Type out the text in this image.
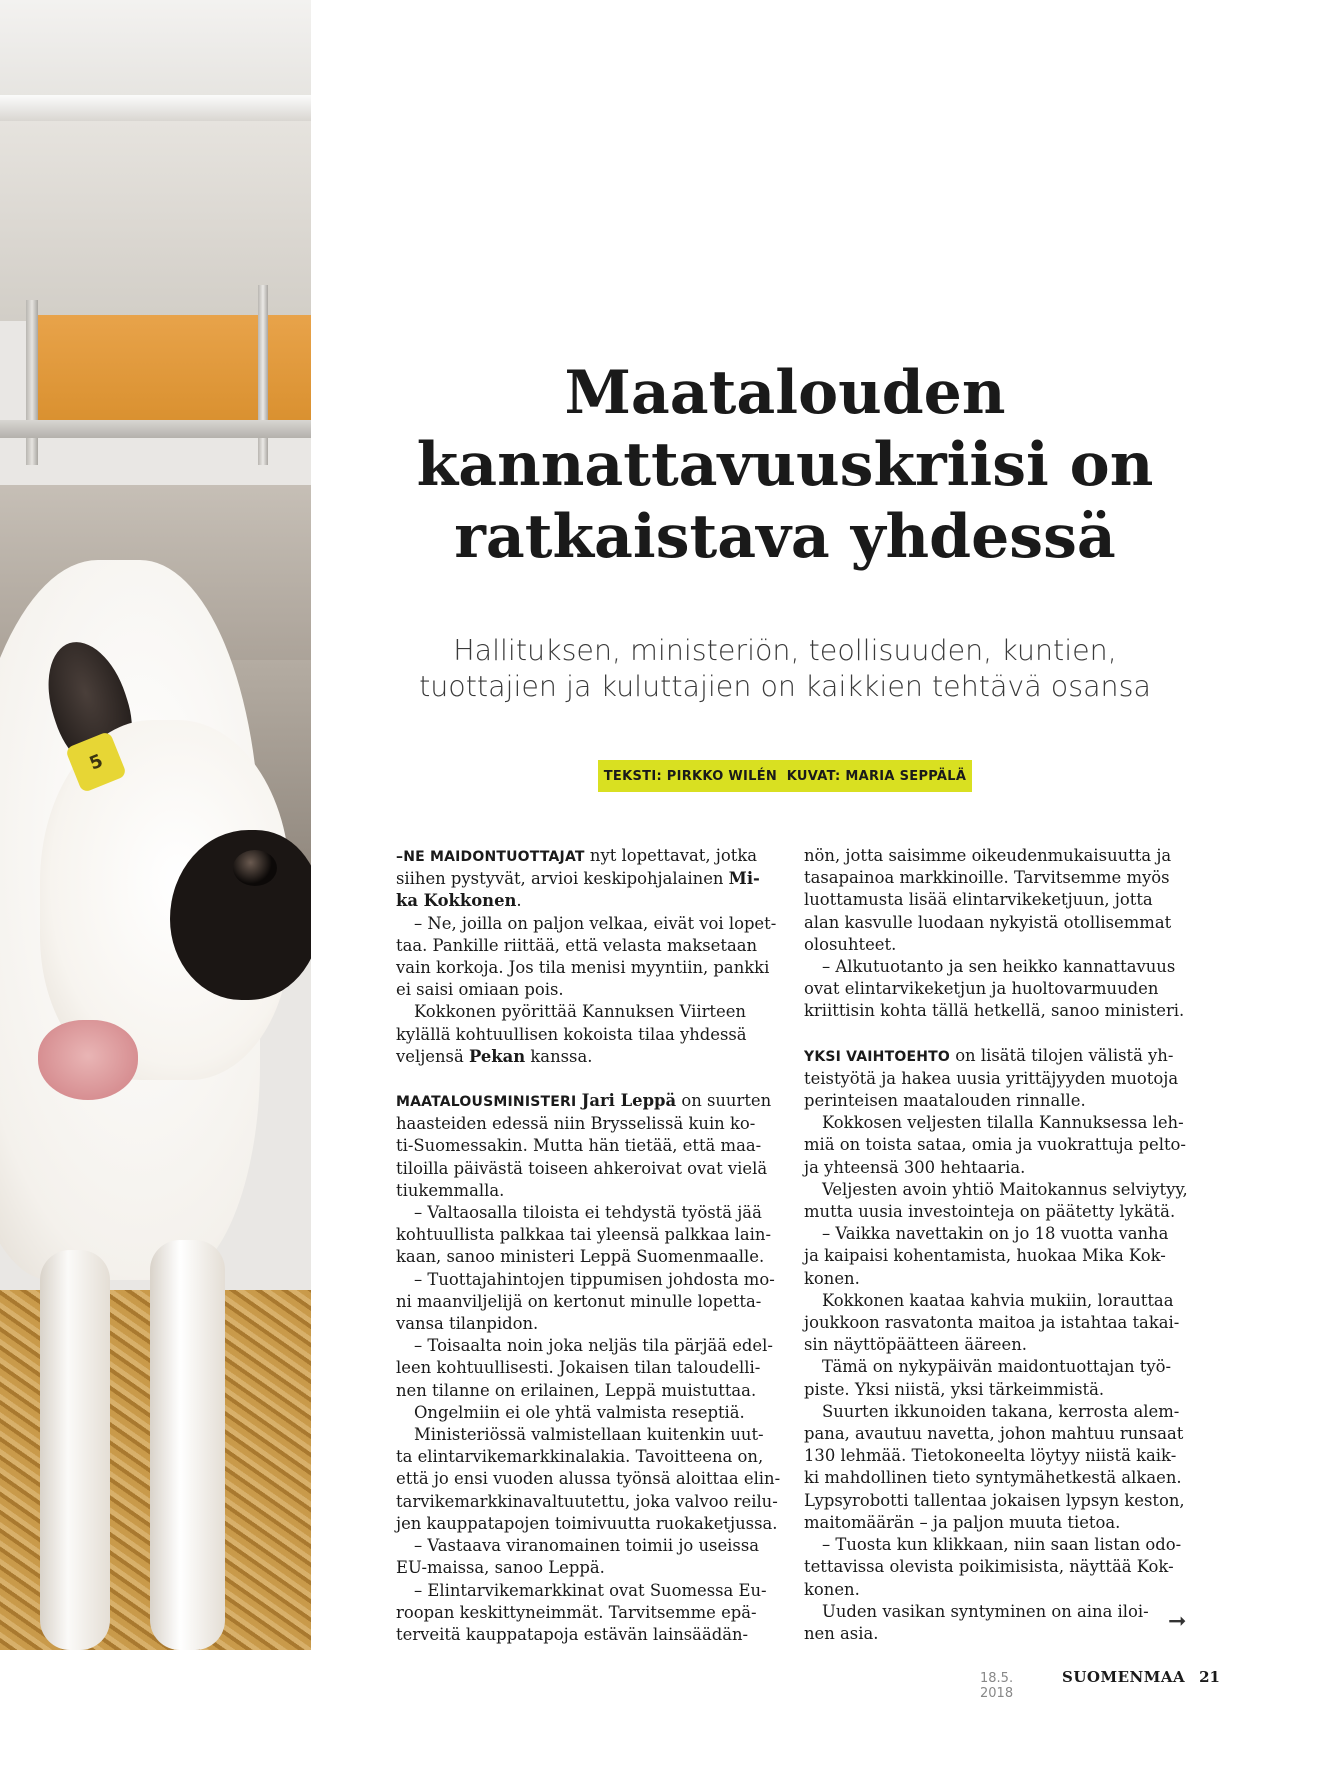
5
Maatalouden kannattavuuskriisi on ratkaistava yhdessä

Hallituksen, ministeriön, teollisuuden, kuntien, tuottajien ja kuluttajien on kaikkien tehtävä osansa

TEKSTI: PIRKKO WILÉN  KUVAT: MARIA SEPPÄLÄ

–NE MAIDONTUOTTAJAT nyt lopettavat, jotka

siihen pystyvät, arvioi keskipohjalainen Mi-

ka Kokkonen.

– Ne, joilla on paljon velkaa, eivät voi lopet-

taa. Pankille riittää, että velasta maksetaan

vain korkoja. Jos tila menisi myyntiin, pankki

ei saisi omiaan pois.

Kokkonen pyörittää Kannuksen Viirteen

kylällä kohtuullisen kokoista tilaa yhdessä

veljensä Pekan kanssa.

MAATALOUSMINISTERI Jari Leppä on suurten

haasteiden edessä niin Brysselissä kuin ko-

ti-Suomessakin. Mutta hän tietää, että maa-

tiloilla päivästä toiseen ahkeroivat ovat vielä

tiukemmalla.

– Valtaosalla tiloista ei tehdystä työstä jää

kohtuullista palkkaa tai yleensä palkkaa lain-

kaan, sanoo ministeri Leppä Suomenmaalle.

– Tuottajahintojen tippumisen johdosta mo-

ni maanviljelijä on kertonut minulle lopetta-

vansa tilanpidon.

– Toisaalta noin joka neljäs tila pärjää edel-

leen kohtuullisesti. Jokaisen tilan taloudelli-

nen tilanne on erilainen, Leppä muistuttaa.

Ongelmiin ei ole yhtä valmista reseptiä.

Ministeriössä valmistellaan kuitenkin uut-

ta elintarvikemarkkinalakia. Tavoitteena on,

että jo ensi vuoden alussa työnsä aloittaa elin-

tarvikemarkkinavaltuutettu, joka valvoo reilu-

jen kauppatapojen toimivuutta ruokaketjussa.

– Vastaava viranomainen toimii jo useissa

EU-maissa, sanoo Leppä.

– Elintarvikemarkkinat ovat Suomessa Eu-

roopan keskittyneimmät. Tarvitsemme epä-

terveitä kauppatapoja estävän lainsäädän-

nön, jotta saisimme oikeudenmukaisuutta ja

tasapainoa markkinoille. Tarvitsemme myös

luottamusta lisää elintarvikeketjuun, jotta

alan kasvulle luodaan nykyistä otollisemmat

olosuhteet.

– Alkutuotanto ja sen heikko kannattavuus

ovat elintarvikeketjun ja huoltovarmuuden

kriittisin kohta tällä hetkellä, sanoo ministeri.

YKSI VAIHTOEHTO on lisätä tilojen välistä yh-

teistyötä ja hakea uusia yrittäjyyden muotoja

perinteisen maatalouden rinnalle.

Kokkosen veljesten tilalla Kannuksessa leh-

miä on toista sataa, omia ja vuokrattuja pelto-

ja yhteensä 300 hehtaaria.

Veljesten avoin yhtiö Maitokannus selviytyy,

mutta uusia investointeja on päätetty lykätä.

– Vaikka navettakin on jo 18 vuotta vanha

ja kaipaisi kohentamista, huokaa Mika Kok-

konen.

Kokkonen kaataa kahvia mukiin, lorauttaa

joukkoon rasvatonta maitoa ja istahtaa takai-

sin näyttöpäätteen ääreen.

Tämä on nykypäivän maidontuottajan työ-

piste. Yksi niistä, yksi tärkeimmistä.

Suurten ikkunoiden takana, kerrosta alem-

pana, avautuu navetta, johon mahtuu runsaat

130 lehmää. Tietokoneelta löytyy niistä kaik-

ki mahdollinen tieto syntymähetkestä alkaen.

Lypsyrobotti tallentaa jokaisen lypsyn keston,

maitomäärän – ja paljon muuta tietoa.

– Tuosta kun klikkaan, niin saan listan odo-

tettavissa olevista poikimisista, näyttää Kok-

konen.

Uuden vasikan syntyminen on aina iloi-

nen asia.	➞
18.5. 2018
SUOMENMAA 21
